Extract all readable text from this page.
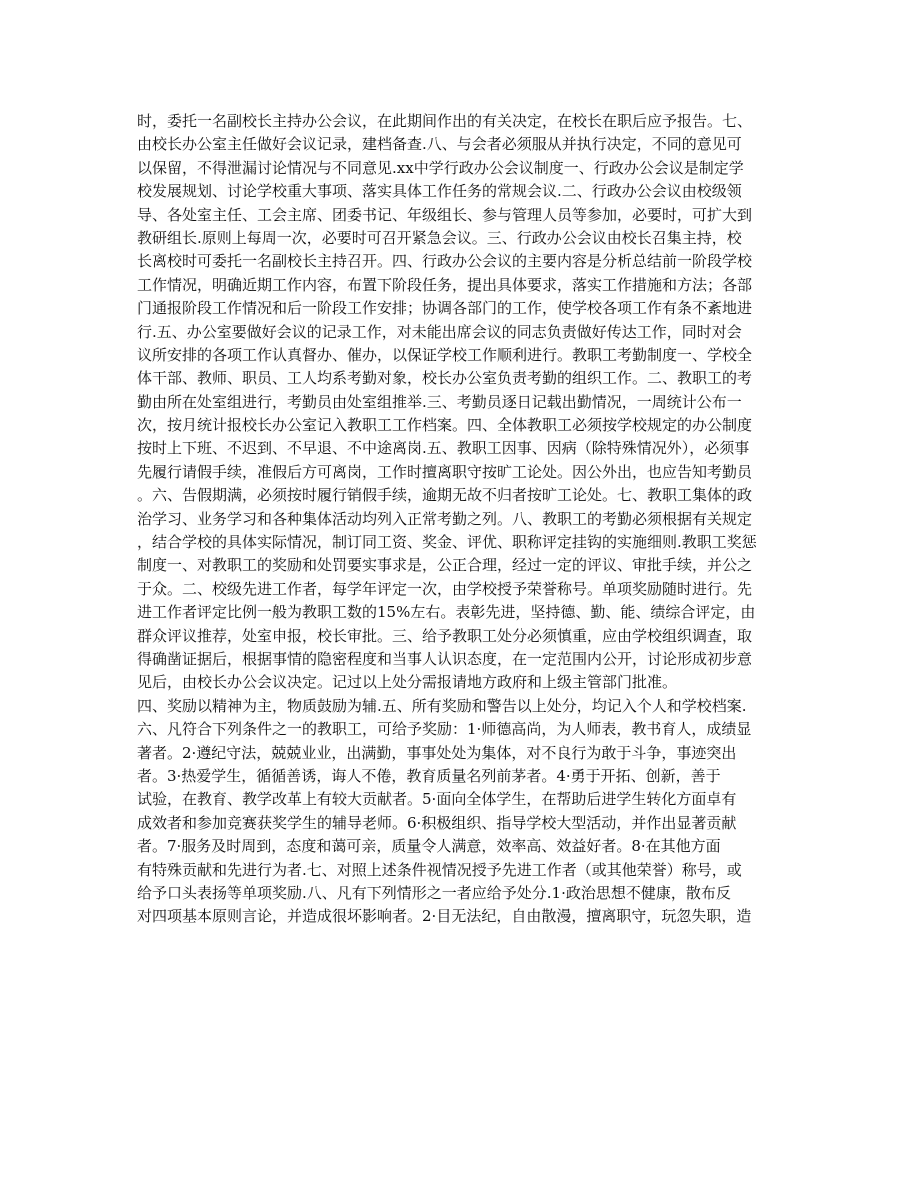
时，委托一名副校长主持办公会议，在此期间作出的有关决定，在校长在职后应予报告。七、
由校长办公室主任做好会议记录，建档备查.八、与会者必须服从并执行决定，不同的意见可
以保留，不得泄漏讨论情况与不同意见.xx中学行政办公会议制度一、行政办公会议是制定学
校发展规划、讨论学校重大事项、落实具体工作任务的常规会议.二、行政办公会议由校级领
导、各处室主任、工会主席、团委书记、年级组长、参与管理人员等参加，必要时，可扩大到
教研组长.原则上每周一次，必要时可召开紧急会议。三、行政办公会议由校长召集主持，校
长离校时可委托一名副校长主持召开。四、行政办公会议的主要内容是分析总结前一阶段学校
工作情况，明确近期工作内容，布置下阶段任务，提出具体要求，落实工作措施和方法；各部
门通报阶段工作情况和后一阶段工作安排；协调各部门的工作，使学校各项工作有条不紊地进
行.五、办公室要做好会议的记录工作，对未能出席会议的同志负责做好传达工作，同时对会
议所安排的各项工作认真督办、催办，以保证学校工作顺利进行。教职工考勤制度一、学校全
体干部、教师、职员、工人均系考勤对象，校长办公室负责考勤的组织工作。二、教职工的考
勤由所在处室组进行，考勤员由处室组推举.三、考勤员逐日记载出勤情况，一周统计公布一
次，按月统计报校长办公室记入教职工工作档案。四、全体教职工必须按学校规定的办公制度
按时上下班、不迟到、不早退、不中途离岗.五、教职工因事、因病（除特殊情况外），必须事
先履行请假手续，准假后方可离岗，工作时擅离职守按旷工论处。因公外出，也应告知考勤员
。六、告假期满，必须按时履行销假手续，逾期无故不归者按旷工论处。七、教职工集体的政
治学习、业务学习和各种集体活动均列入正常考勤之列。八、教职工的考勤必须根据有关规定
，结合学校的具体实际情况，制订同工资、奖金、评优、职称评定挂钩的实施细则.教职工奖惩
制度一、对教职工的奖励和处罚要实事求是，公正合理，经过一定的评议、审批手续，并公之
于众。二、校级先进工作者，每学年评定一次，由学校授予荣誉称号。单项奖励随时进行。先
进工作者评定比例一般为教职工数的15%左右。表彰先进，坚持德、勤、能、绩综合评定，由
群众评议推荐，处室申报，校长审批。三、给予教职工处分必须慎重，应由学校组织调查，取
得确凿证据后，根据事情的隐密程度和当事人认识态度，在一定范围内公开，讨论形成初步意
见后，由校长办公会议决定。记过以上处分需报请地方政府和上级主管部门批准。
四、奖励以精神为主，物质鼓励为辅.五、所有奖励和警告以上处分，均记入个人和学校档案.
六、凡符合下列条件之一的教职工，可给予奖励：1·师德高尚，为人师表，教书育人，成绩显
著者。2·遵纪守法，兢兢业业，出满勤，事事处处为集体，对不良行为敢于斗争，事迹突出
者。3·热爱学生，循循善诱，诲人不倦，教育质量名列前茅者。4·勇于开拓、创新，善于
试验，在教育、教学改革上有较大贡献者。5·面向全体学生，在帮助后进学生转化方面卓有
成效者和参加竞赛获奖学生的辅导老师。6·积极组织、指导学校大型活动，并作出显著贡献
者。7·服务及时周到，态度和蔼可亲，质量令人满意，效率高、效益好者。8·在其他方面
有特殊贡献和先进行为者.七、对照上述条件视情况授予先进工作者（或其他荣誉）称号，或
给予口头表扬等单项奖励.八、凡有下列情形之一者应给予处分.1·政治思想不健康，散布反
对四项基本原则言论，并造成很坏影响者。2·目无法纪，自由散漫，擅离职守，玩忽失职，造
